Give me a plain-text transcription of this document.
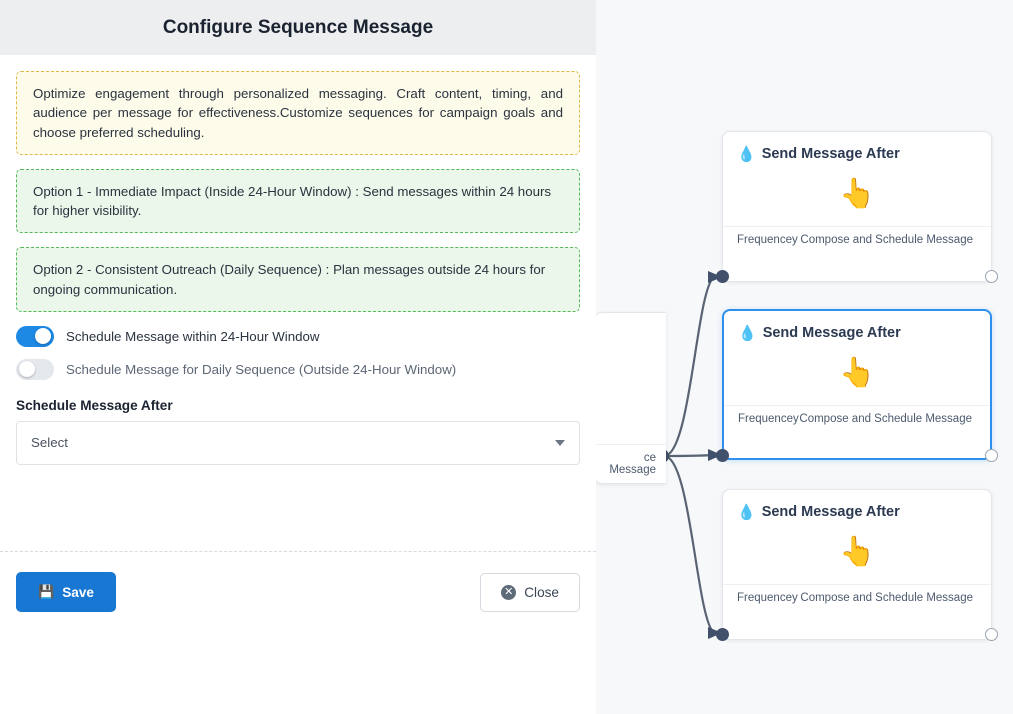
ce Message
💧 Send Message After
👆
Frequencey Compose and Schedule Message
💧 Send Message After
👆
Frequencey Compose and Schedule Message
💧 Send Message After
👆
Frequencey Compose and Schedule Message
Configure Sequence Message
Optimize engagement through personalized messaging. Craft content, timing, and audience per message for effectiveness.Customize sequences for campaign goals and choose preferred scheduling.
Option 1 - Immediate Impact (Inside 24-Hour Window) : Send messages within 24 hours for higher visibility.
Option 2 - Consistent Outreach (Daily Sequence) : Plan messages outside 24 hours for ongoing communication.
Schedule Message within 24-Hour Window
Schedule Message for Daily Sequence (Outside 24-Hour Window)
Schedule Message After
Select
💾 Save	✕ Close
